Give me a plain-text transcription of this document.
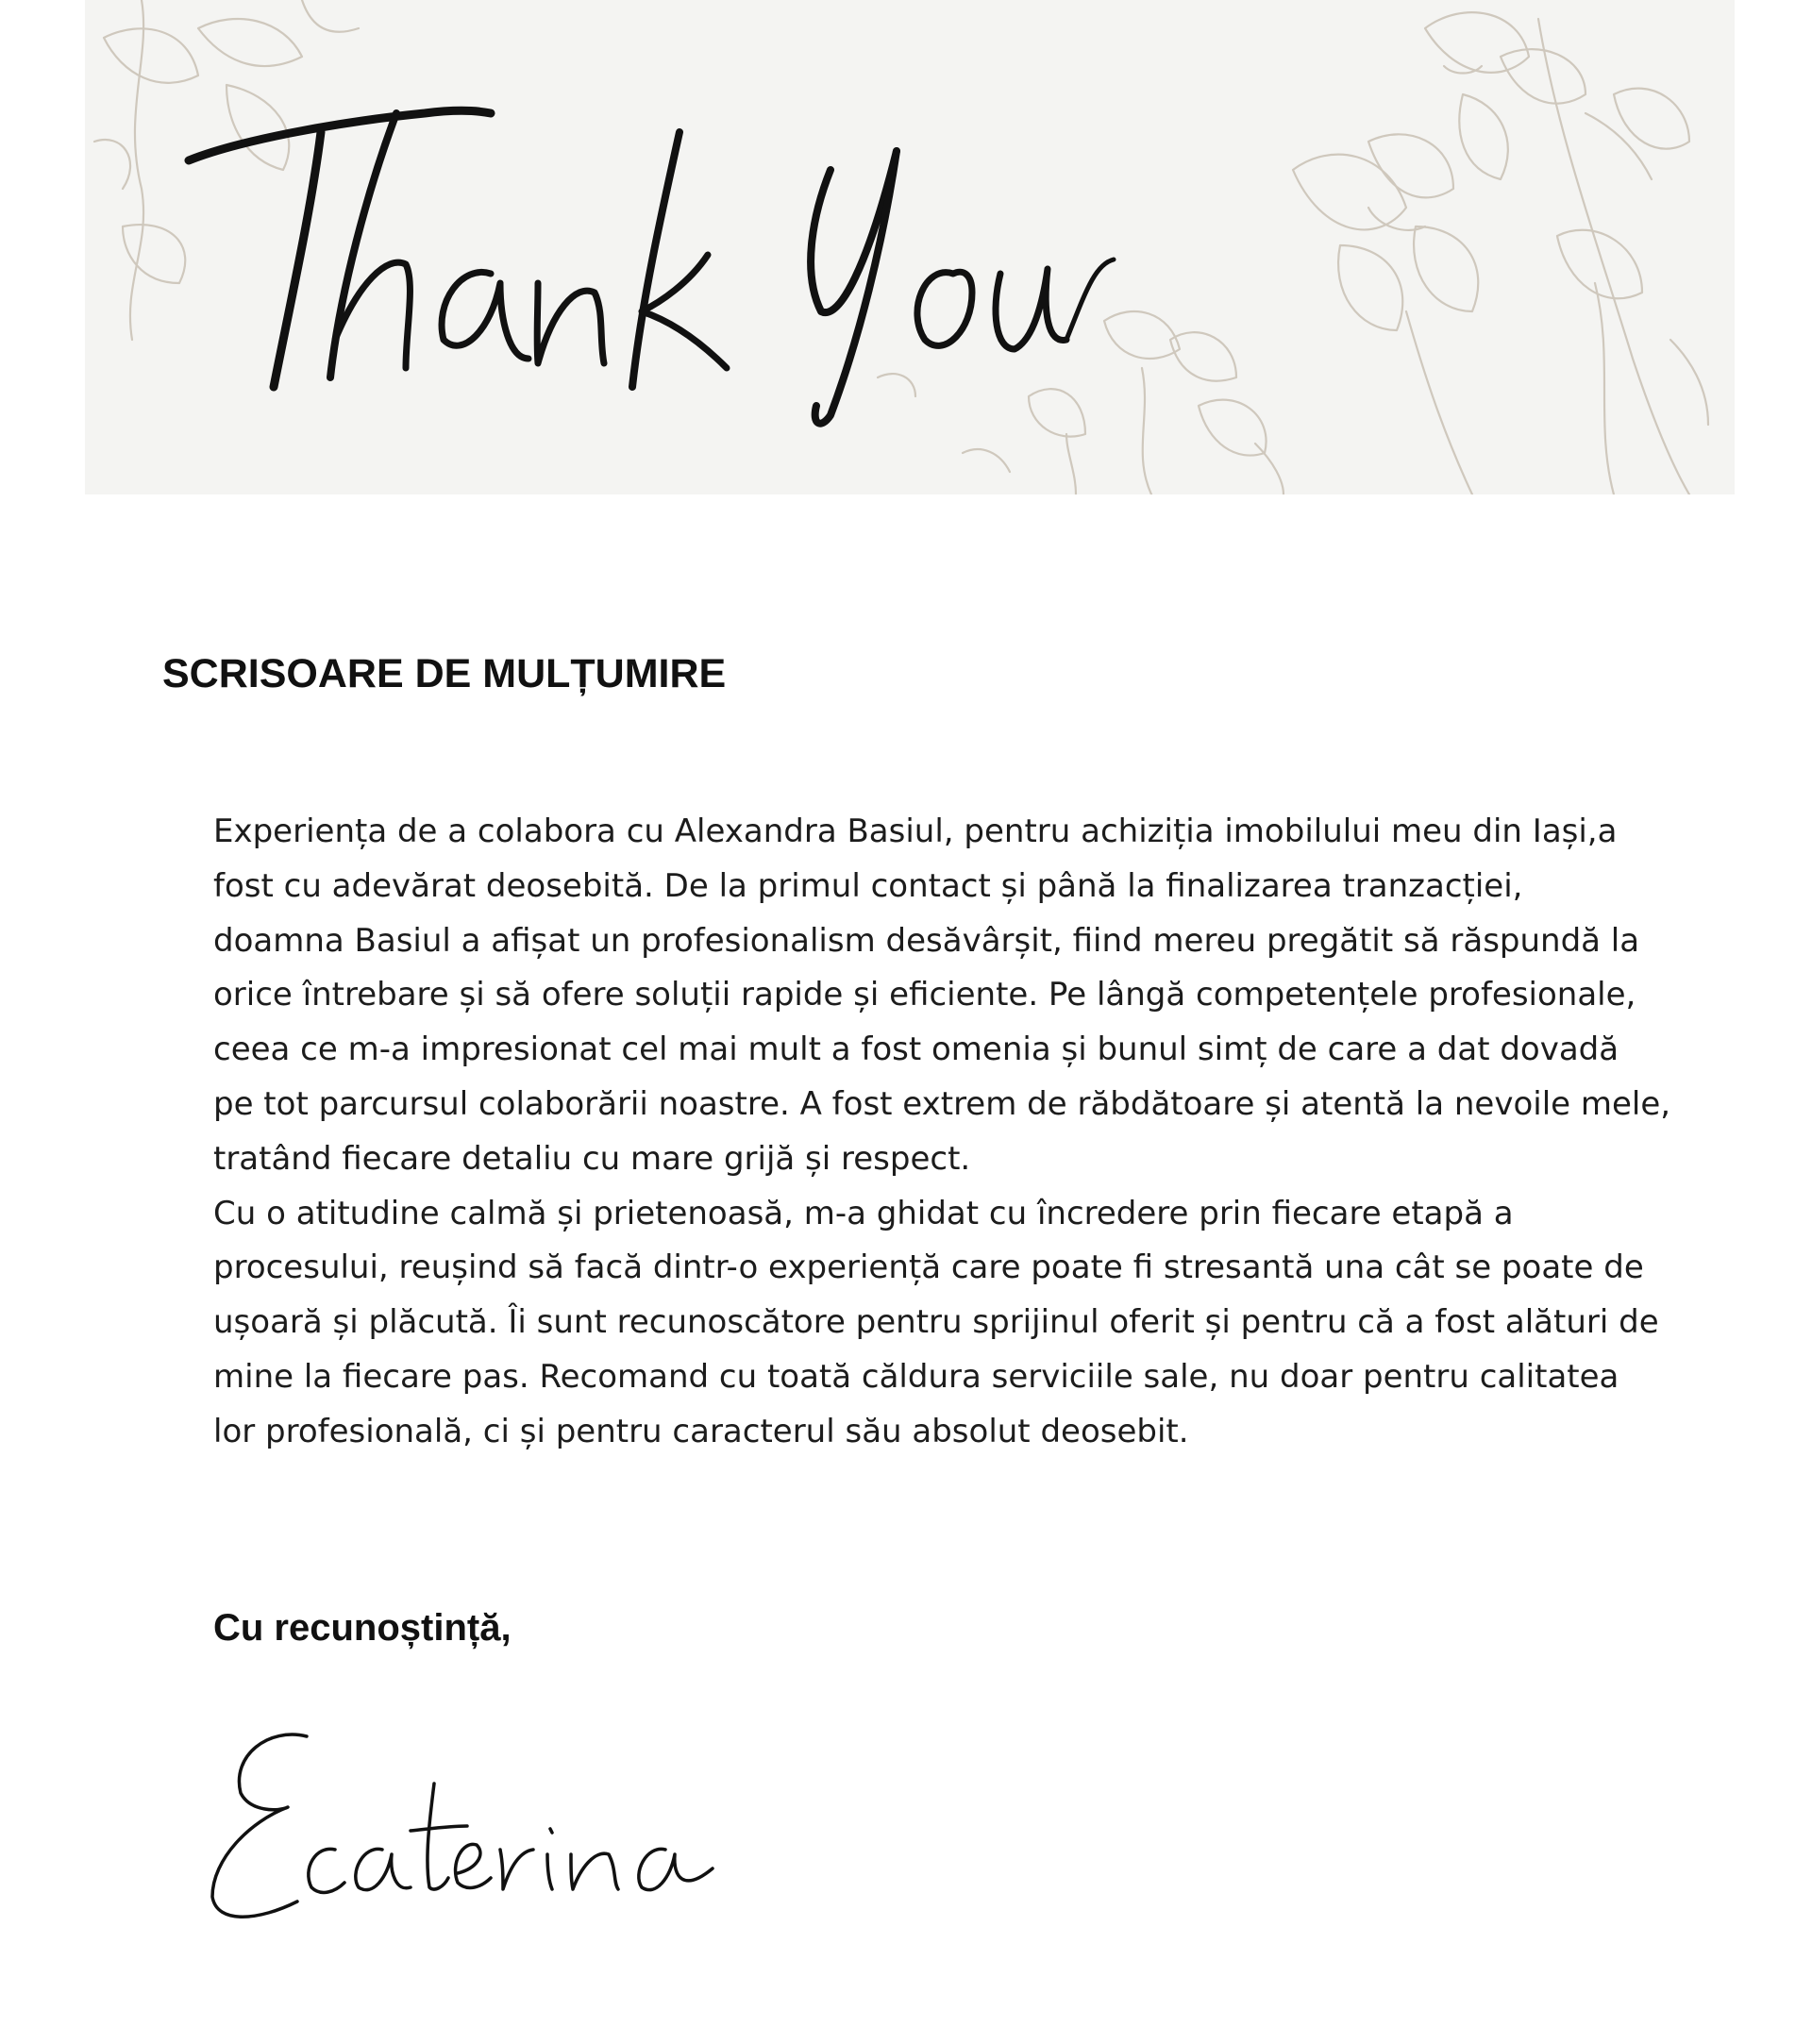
SCRISOARE DE MULȚUMIRE
Experiența de a colabora cu Alexandra Basiul, pentru achiziția imobilului meu din Iași,a
fost cu adevărat deosebită. De la primul contact și până la finalizarea tranzacției,
doamna Basiul a afișat un profesionalism desăvârșit, fiind mereu pregătit să răspundă la
orice întrebare și să ofere soluții rapide și eficiente. Pe lângă competențele profesionale,
ceea ce m-a impresionat cel mai mult a fost omenia și bunul simț de care a dat dovadă
pe tot parcursul colaborării noastre. A fost extrem de răbdătoare și atentă la nevoile mele,
tratând fiecare detaliu cu mare grijă și respect.
Cu o atitudine calmă și prietenoasă, m-a ghidat cu încredere prin fiecare etapă a
procesului, reușind să facă dintr-o experiență care poate fi stresantă una cât se poate de
ușoară și plăcută. Îi sunt recunoscătore pentru sprijinul oferit și pentru că a fost alături de
mine la fiecare pas. Recomand cu toată căldura serviciile sale, nu doar pentru calitatea
lor profesională, ci și pentru caracterul său absolut deosebit.

Cu recunoștință,
